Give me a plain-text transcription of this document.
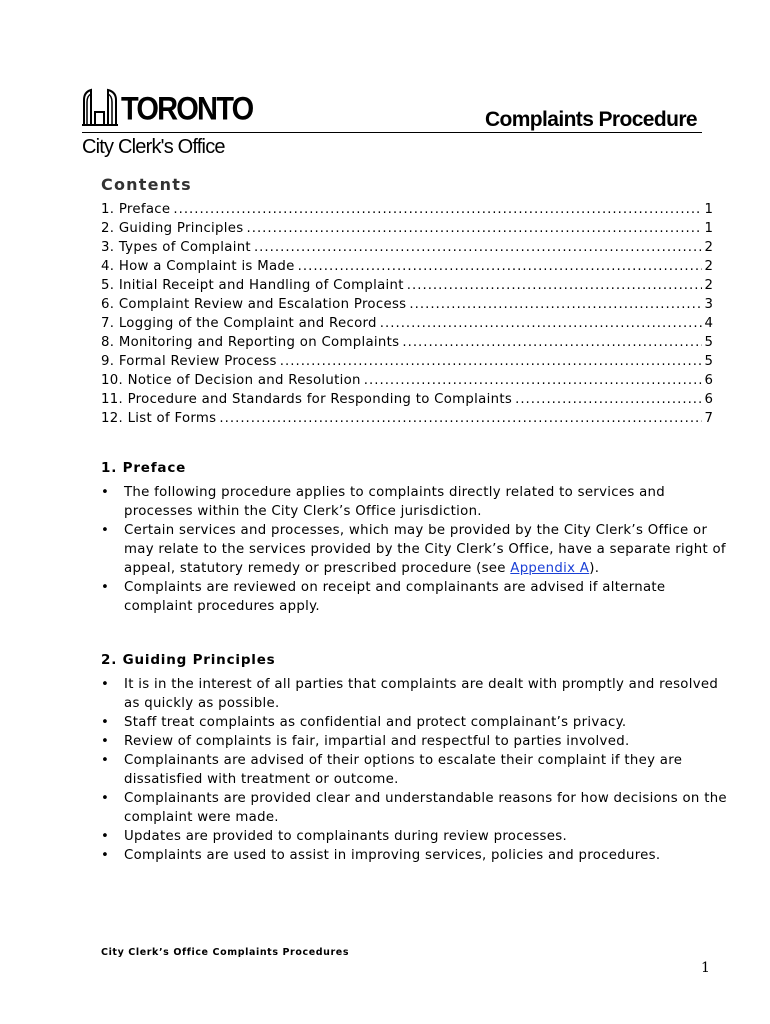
TORONTO	Complaints Procedure
City Clerk's Office
Contents
1. Preface .....	1
2. Guiding Principles .....	1
3. Types of Complaint .....	2
4. How a Complaint is Made .....	2
5. Initial Receipt and Handling of Complaint .....	2
6. Complaint Review and Escalation Process .....	3
7. Logging of the Complaint and Record .....	4
8. Monitoring and Reporting on Complaints .....	5
9. Formal Review Process .....	5
10. Notice of Decision and Resolution .....	6
11. Procedure and Standards for Responding to Complaints .....	6
12. List of Forms .....	7
1. Preface
• The following procedure applies to complaints directly related to services and processes within the City Clerk’s Office jurisdiction.
• Certain services and processes, which may be provided by the City Clerk’s Office or may relate to the services provided by the City Clerk’s Office, have a separate right of appeal, statutory remedy or prescribed procedure (see Appendix A).
• Complaints are reviewed on receipt and complainants are advised if alternate complaint procedures apply.
2. Guiding Principles
• It is in the interest of all parties that complaints are dealt with promptly and resolved as quickly as possible.
• Staff treat complaints as confidential and protect complainant’s privacy.
• Review of complaints is fair, impartial and respectful to parties involved.
• Complainants are advised of their options to escalate their complaint if they are dissatisfied with treatment or outcome.
• Complainants are provided clear and understandable reasons for how decisions on the complaint were made.
• Updates are provided to complainants during review processes.
• Complaints are used to assist in improving services, policies and procedures.
City Clerk’s Office Complaints Procedures
1
